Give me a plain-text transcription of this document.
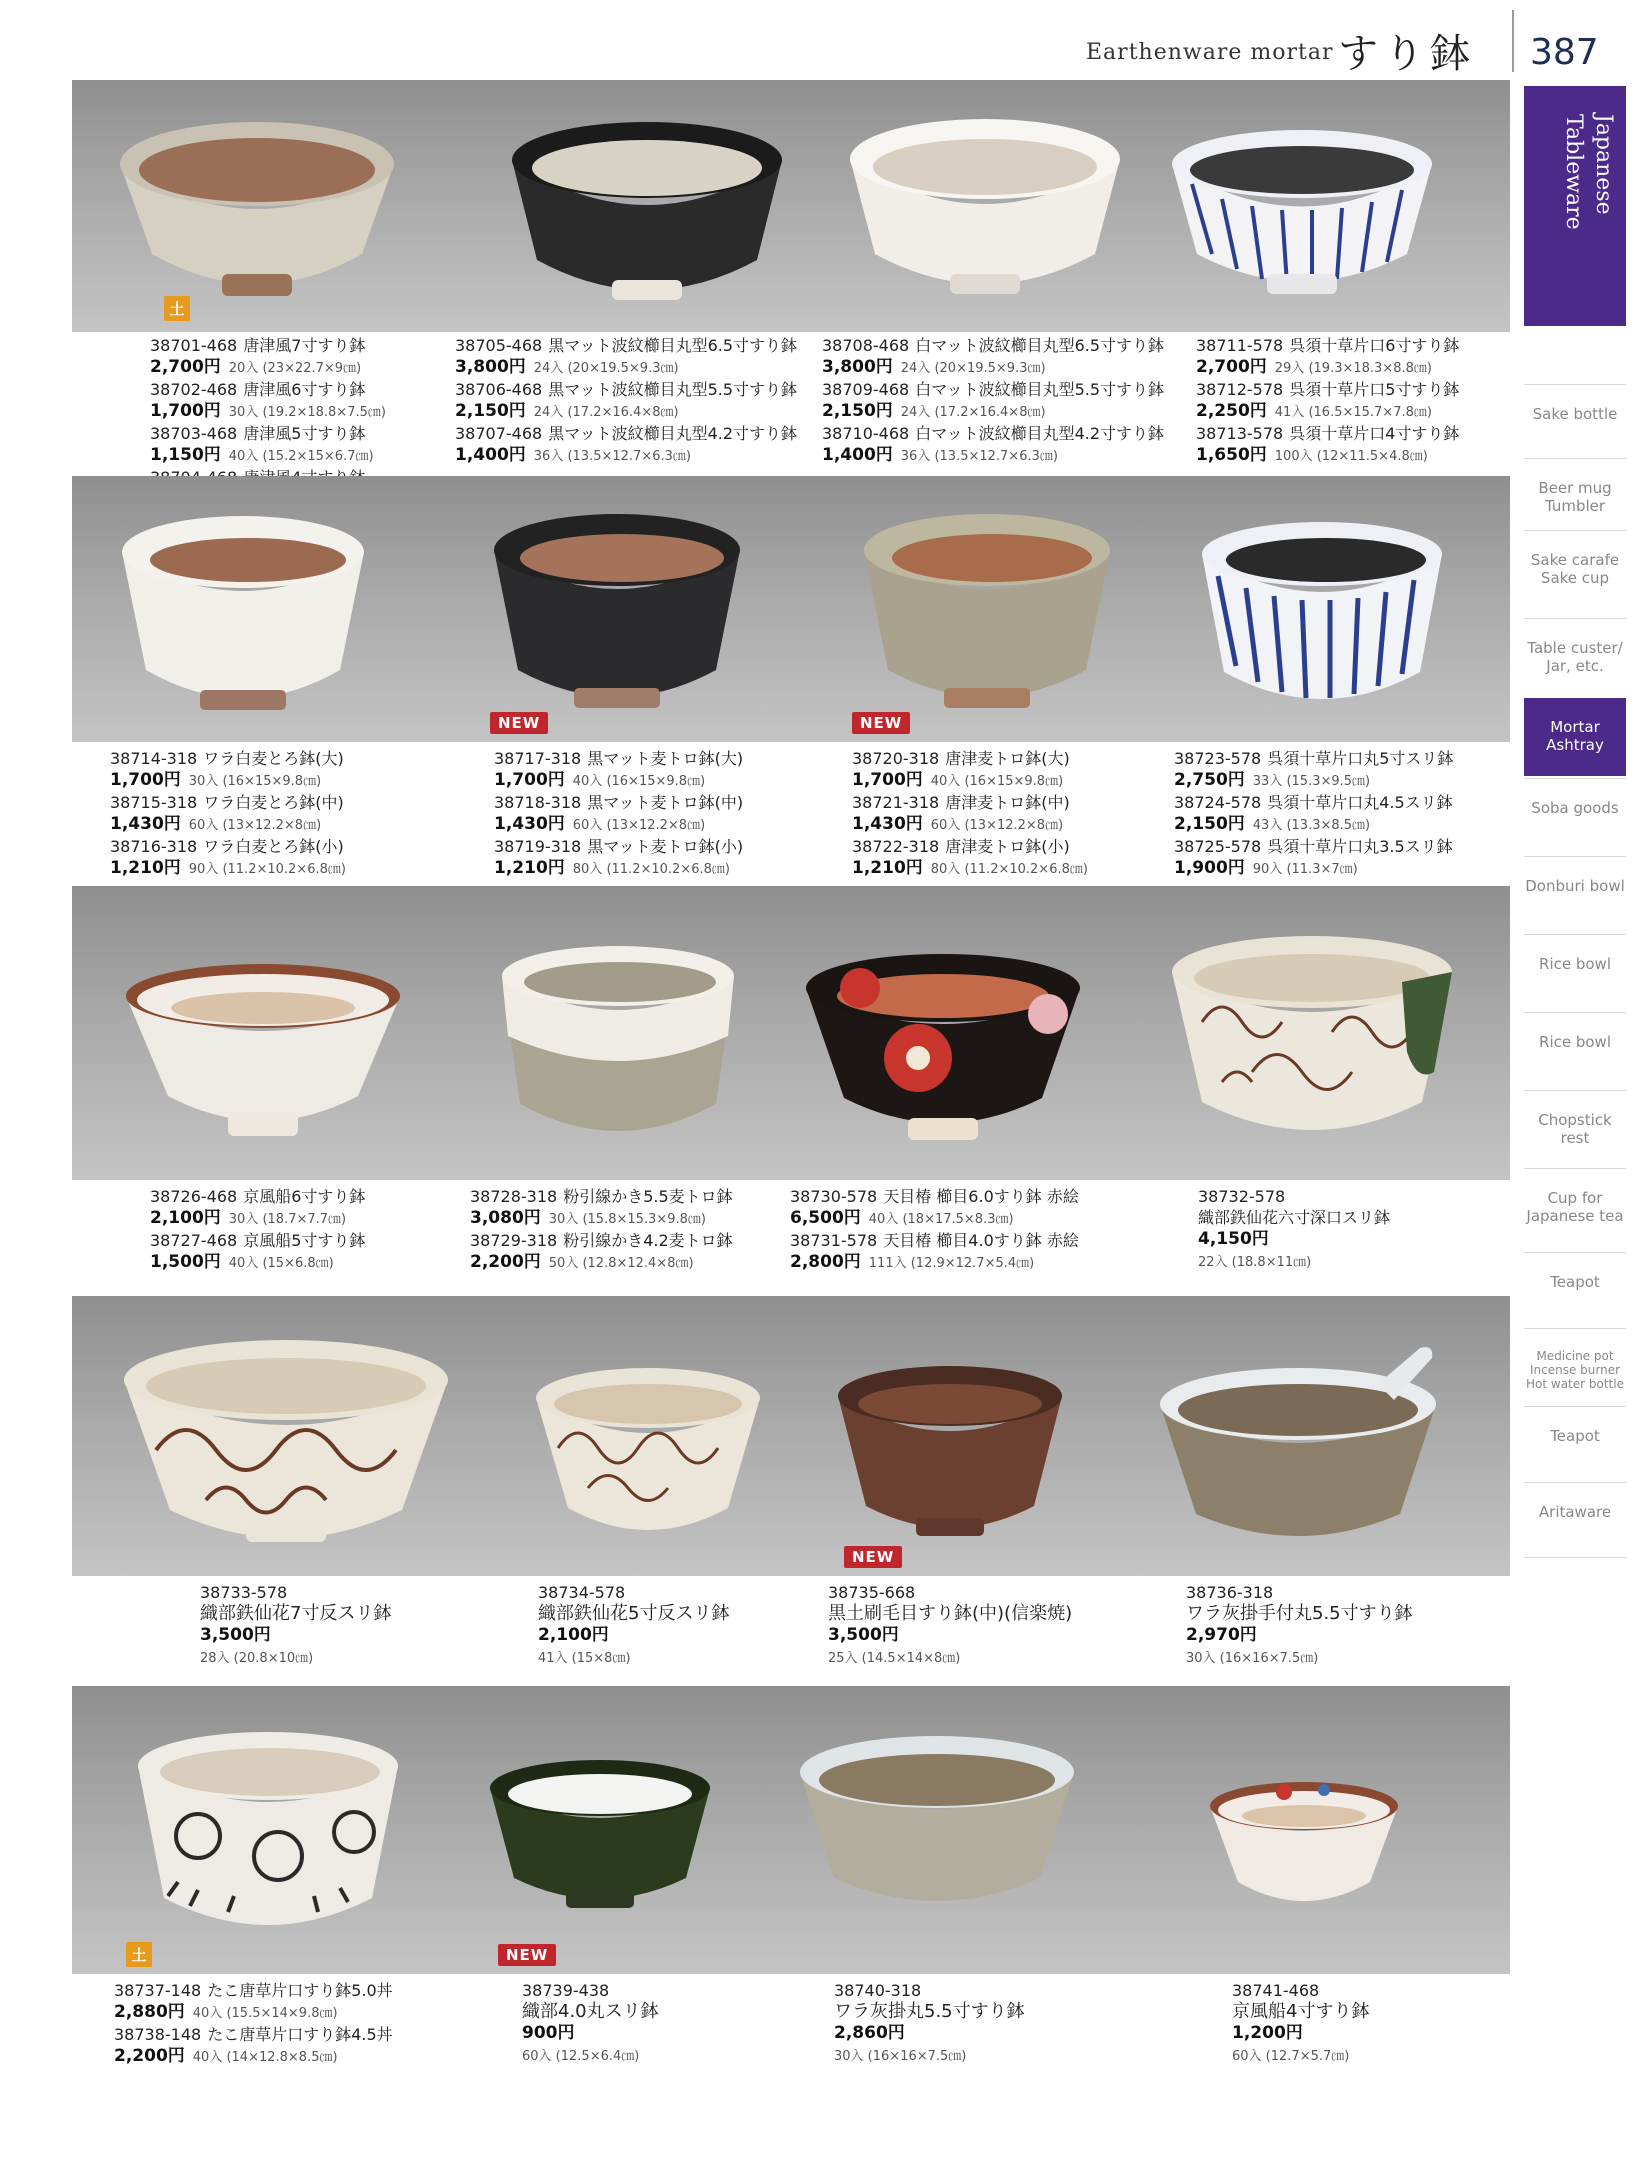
Earthenware mortar すり鉢 387
Japanese
Tableware
Sake bottle
Beer mug Tumbler
Sake carafe Sake cup
Table custer/ Jar, etc.
Mortar Ashtray
Soba goods
Donburi bowl
Rice bowl
Rice bowl
Chopstick rest
Cup for Japanese tea
Teapot
Medicine pot Incense burner Hot water bottle
Teapot
Aritaware
土
38701-468 唐津風7寸すり鉢
2,700円 20入 (23×22.7×9㎝)
38702-468 唐津風6寸すり鉢
1,700円 30入 (19.2×18.8×7.5㎝)
38703-468 唐津風5寸すり鉢
1,150円 40入 (15.2×15×6.7㎝)
38705-468 黒マット波紋櫛目丸型6.5寸すり鉢
3,800円 24入 (20×19.5×9.3㎝)
38706-468 黒マット波紋櫛目丸型5.5寸すり鉢
2,150円 24入 (17.2×16.4×8㎝)
38707-468 黒マット波紋櫛目丸型4.2寸すり鉢
1,400円 36入 (13.5×12.7×6.3㎝)
38708-468 白マット波紋櫛目丸型6.5寸すり鉢
3,800円 24入 (20×19.5×9.3㎝)
38709-468 白マット波紋櫛目丸型5.5寸すり鉢
2,150円 24入 (17.2×16.4×8㎝)
38710-468 白マット波紋櫛目丸型4.2寸すり鉢
1,400円 36入 (13.5×12.7×6.3㎝)
38711-578 呉須十草片口6寸すり鉢
2,700円 29入 (19.3×18.3×8.8㎝)
38712-578 呉須十草片口5寸すり鉢
2,250円 41入 (16.5×15.7×7.8㎝)
38713-578 呉須十草片口4寸すり鉢
1,650円 100入 (12×11.5×4.8㎝)
NEW	NEW
38714-318 ワラ白麦とろ鉢(大)
1,700円 30入 (16×15×9.8㎝)
38715-318 ワラ白麦とろ鉢(中)
1,430円 60入 (13×12.2×8㎝)
38716-318 ワラ白麦とろ鉢(小)
1,210円 90入 (11.2×10.2×6.8㎝)
38717-318 黒マット麦トロ鉢(大)
1,700円 40入 (16×15×9.8㎝)
38718-318 黒マット麦トロ鉢(中)
1,430円 60入 (13×12.2×8㎝)
38719-318 黒マット麦トロ鉢(小)
1,210円 80入 (11.2×10.2×6.8㎝)
38720-318 唐津麦トロ鉢(大)
1,700円 40入 (16×15×9.8㎝)
38721-318 唐津麦トロ鉢(中)
1,430円 60入 (13×12.2×8㎝)
38722-318 唐津麦トロ鉢(小)
1,210円 80入 (11.2×10.2×6.8㎝)
38723-578 呉須十草片口丸5寸スリ鉢
2,750円 33入 (15.3×9.5㎝)
38724-578 呉須十草片口丸4.5スリ鉢
2,150円 43入 (13.3×8.5㎝)
38725-578 呉須十草片口丸3.5スリ鉢
1,900円 90入 (11.3×7㎝)
38726-468 京風船6寸すり鉢
2,100円 30入 (18.7×7.7㎝)
38727-468 京風船5寸すり鉢
1,500円 40入 (15×6.8㎝)
38728-318 粉引線かき5.5麦トロ鉢
3,080円 30入 (15.8×15.3×9.8㎝)
38729-318 粉引線かき4.2麦トロ鉢
2,200円 50入 (12.8×12.4×8㎝)
38730-578 天目椿 櫛目6.0すり鉢 赤絵
6,500円 40入 (18×17.5×8.3㎝)
38731-578 天目椿 櫛目4.0すり鉢 赤絵
2,800円 111入 (12.9×12.7×5.4㎝)
38732-578
織部鉄仙花六寸深口スリ鉢
4,150円
22入 (18.8×11㎝)
NEW
38733-578
織部鉄仙花7寸反スリ鉢
3,500円
28入 (20.8×10㎝)
38734-578
織部鉄仙花5寸反スリ鉢
2,100円
41入 (15×8㎝)
38735-668
黒土刷毛目すり鉢(中)(信楽焼)
3,500円
25入 (14.5×14×8㎝)
38736-318
ワラ灰掛手付丸5.5寸すり鉢
2,970円
30入 (16×16×7.5㎝)
土	NEW
38737-148 たこ唐草片口すり鉢5.0丼
2,880円 40入 (15.5×14×9.8㎝)
38738-148 たこ唐草片口すり鉢4.5丼
2,200円 40入 (14×12.8×8.5㎝)
38739-438
織部4.0丸スリ鉢
900円
60入 (12.5×6.4㎝)
38740-318
ワラ灰掛丸5.5寸すり鉢
2,860円
30入 (16×16×7.5㎝)
38741-468
京風船4寸すり鉢
1,200円
60入 (12.7×5.7㎝)
